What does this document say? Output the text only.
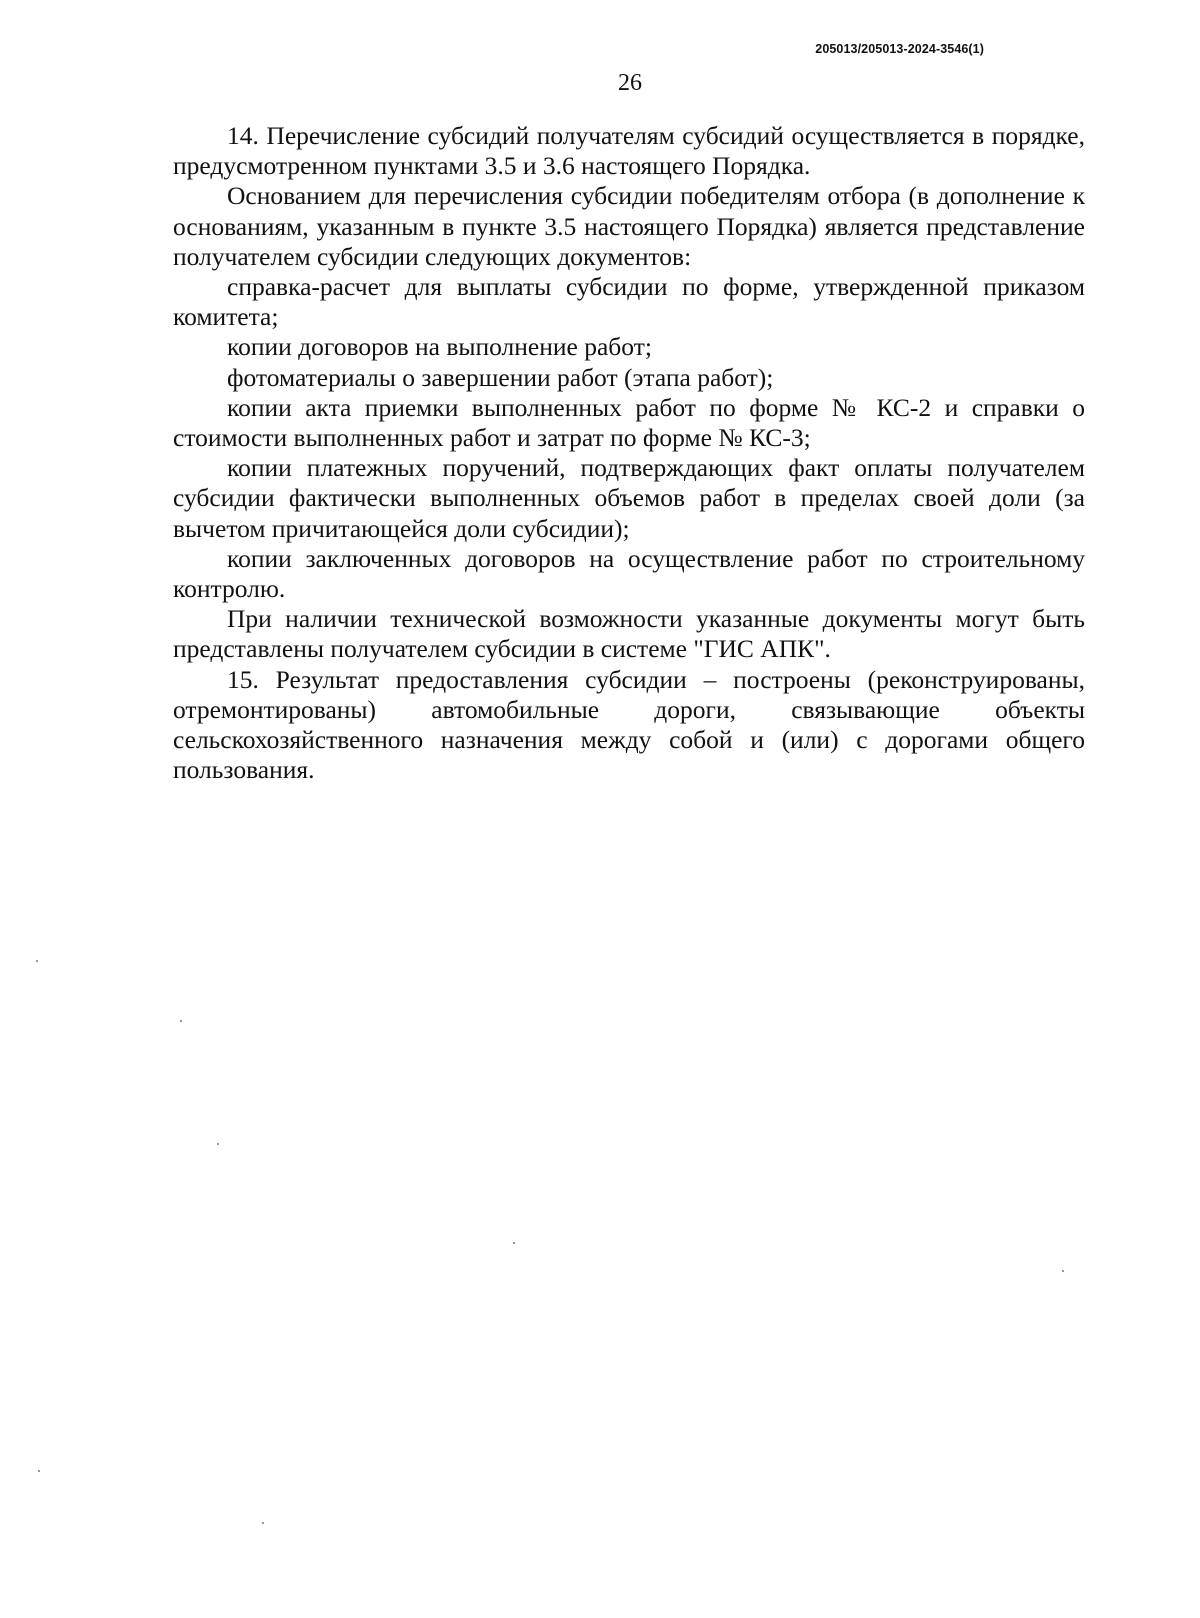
205013/205013-2024-3546(1)
26

14. Перечисление субсидий получателям субсидий осуществляется в порядке, предусмотренном пунктами 3.5 и 3.6 настоящего Порядка.

Основанием для перечисления субсидии победителям отбора (в дополнение к основаниям, указанным в пункте 3.5 настоящего Порядка) является представление получателем субсидии следующих документов:

справка-расчет для выплаты субсидии по форме, утвержденной приказом комитета;

копии договоров на выполнение работ;

фотоматериалы о завершении работ (этапа работ);

копии акта приемки выполненных работ по форме № КС-2 и справки о стоимости выполненных работ и затрат по форме № КС-3;

копии платежных поручений, подтверждающих факт оплаты получателем субсидии фактически выполненных объемов работ в пределах своей доли (за вычетом причитающейся доли субсидии);

копии заключенных договоров на осуществление работ по строительному контролю.

При наличии технической возможности указанные документы могут быть представлены получателем субсидии в системе "ГИС АПК".

15. Результат предоставления субсидии – построены (реконструированы, отремонтированы) автомобильные дороги, связывающие объекты сельскохозяйственного назначения между собой и (или) с дорогами общего пользования.
